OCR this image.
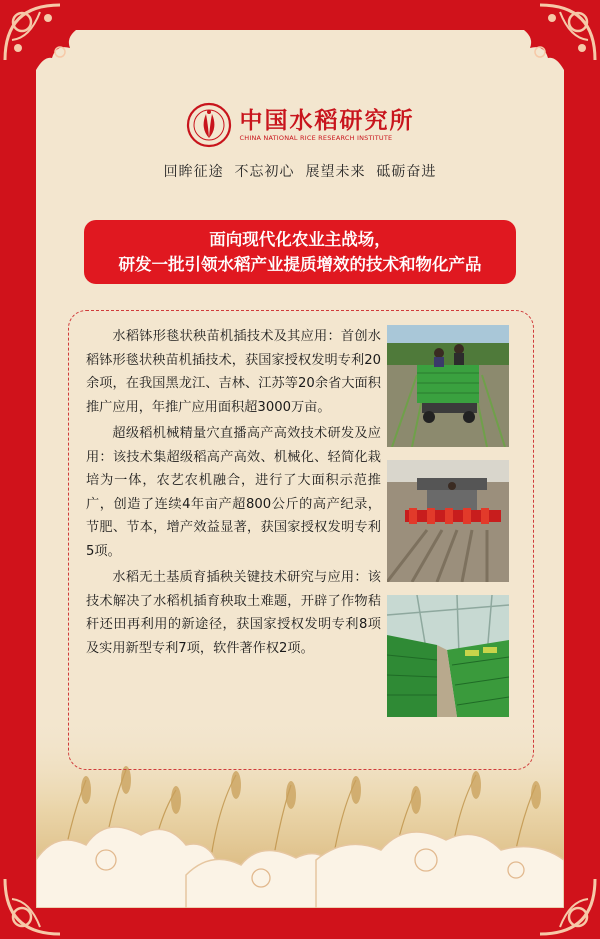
中国水稻研究所
CHINA NATIONAL RICE RESEARCH INSTITUTE
回眸征途  不忘初心  展望未来  砥砺奋进
面向现代化农业主战场，
研发一批引领水稻产业提质增效的技术和物化产品

水稻钵形毯状秧苗机插技术及其应用：首创水稻钵形毯状秧苗机插技术，获国家授权发明专利20余项，在我国黑龙江、吉林、江苏等20余省大面积推广应用，年推广应用面积超3000万亩。

超级稻机械精量穴直播高产高效技术研发及应用：该技术集超级稻高产高效、机械化、轻简化栽培为一体，农艺农机融合，进行了大面积示范推广，创造了连续4年亩产超800公斤的高产纪录，节肥、节本，增产效益显著，获国家授权发明专利5项。

水稻无土基质育插秧关键技术研究与应用：该技术解决了水稻机插育秧取土难题，开辟了作物秸秆还田再利用的新途径，获国家授权发明专利8项及实用新型专利7项，软件著作权2项。
